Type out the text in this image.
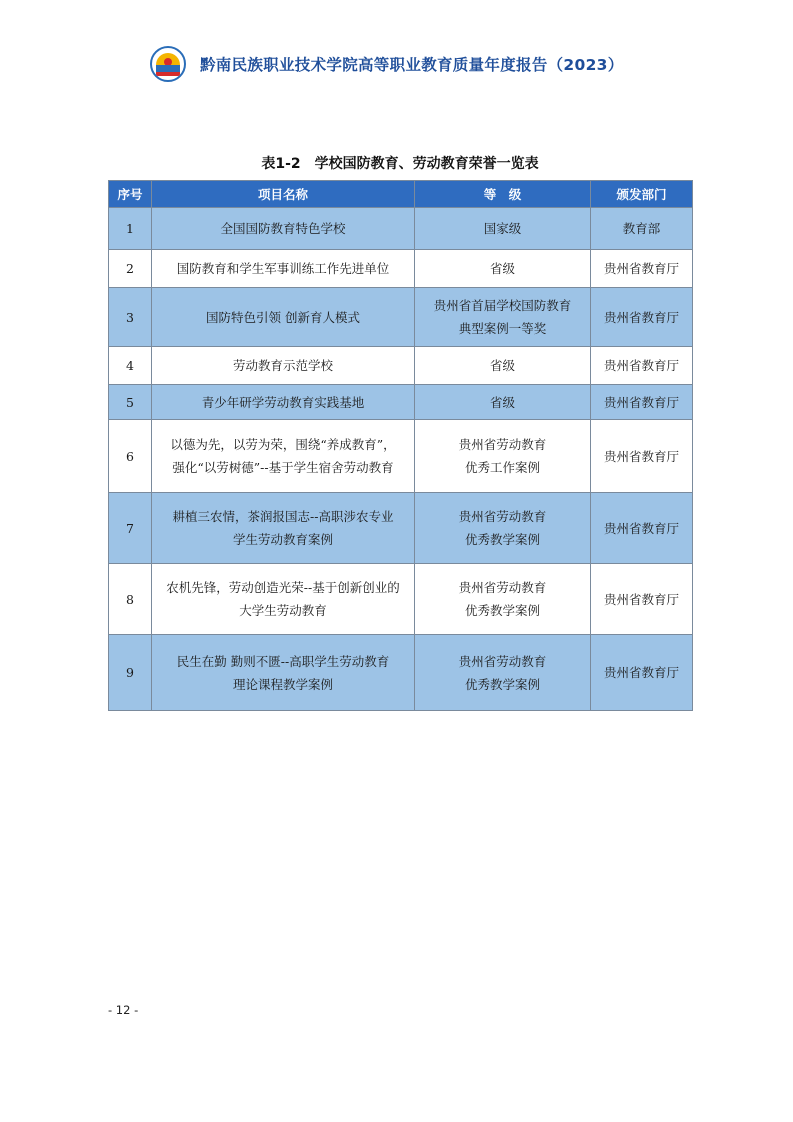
黔南民族职业技术学院高等职业教育质量年度报告（2023）
表1-2　学校国防教育、劳动教育荣誉一览表
序号	项目名称	等　级	颁发部门
1	全国国防教育特色学校	国家级	教育部
2	国防教育和学生军事训练工作先进单位	省级	贵州省教育厅
3	国防特色引领 创新育人模式	贵州省首届学校国防教育
典型案例一等奖	贵州省教育厅
4	劳动教育示范学校	省级	贵州省教育厅
5	青少年研学劳动教育实践基地	省级	贵州省教育厅
6	以德为先，以劳为荣，围绕“养成教育”，
强化“以劳树德”--基于学生宿舍劳动教育	贵州省劳动教育
优秀工作案例	贵州省教育厅
7	耕植三农情，茶润报国志--高职涉农专业
学生劳动教育案例	贵州省劳动教育
优秀教学案例	贵州省教育厅
8	农机先锋，劳动创造光荣--基于创新创业的
大学生劳动教育	贵州省劳动教育
优秀教学案例	贵州省教育厅
9	民生在勤 勤则不匮--高职学生劳动教育
理论课程教学案例	贵州省劳动教育
优秀教学案例	贵州省教育厅
- 12 -
